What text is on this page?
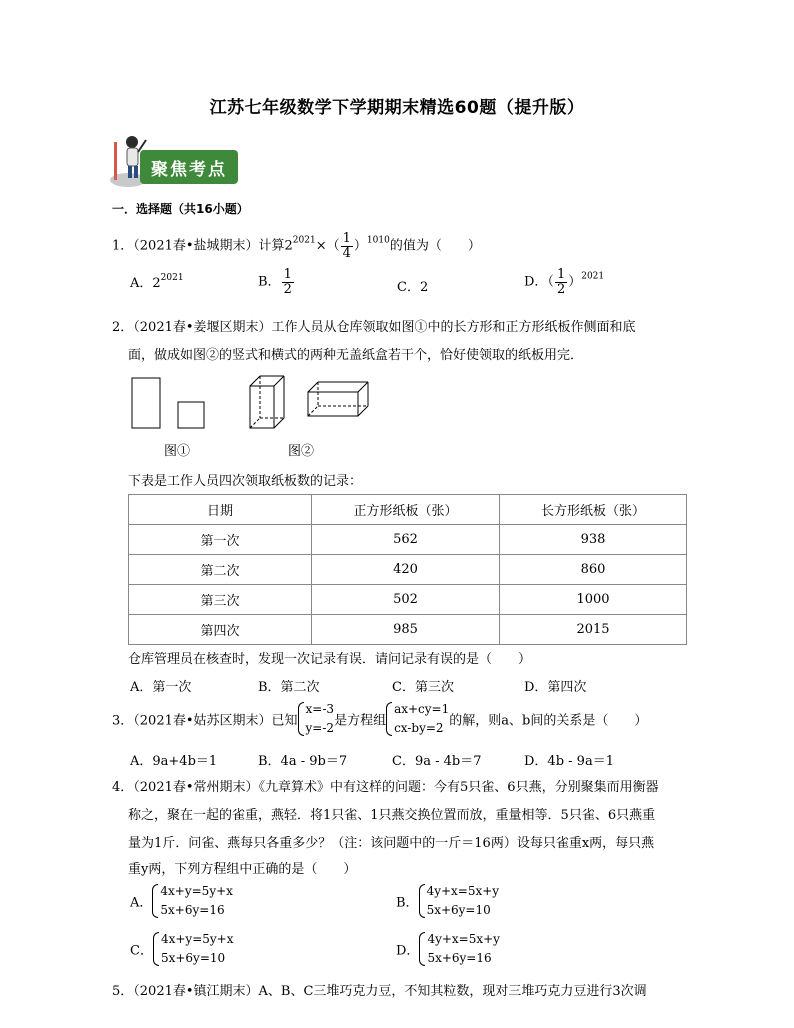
江苏七年级数学下学期期末精选60题（提升版）
聚焦考点
一．选择题（共16小题）
1．（2021春•盐城期末）计算$2^{2021}\times( \frac{1}{4} )^{1010}$的值为（　　）
A．$2^{2021}$	B． $\frac{1}{2}$	C．2	D．（ $\frac{1}{2} )^{2021}$
2．（2021春•姜堰区期末）工作人员从仓库领取如图①中的长方形和正方形纸板作侧面和底
面，做成如图②的竖式和横式的两种无盖纸盒若干个，恰好使领取的纸板用完．
图①	图②
下表是工作人员四次领取纸板数的记录：
日期	正方形纸板（张）	长方形纸板（张）
第一次	562	938
第二次	420	860
第三次	502	1000
第四次	985	2015
仓库管理员在核查时，发现一次记录有误．请问记录有误的是（　　）
A．第一次	B．第二次	C．第三次	D．第四次
3．（2021春•姑苏区期末）已知
x=-3
y=-2 是方程组
ax+cy=1
cx-by=2 的解，则a、b间的关系是（　　）
A．9a+4b＝1	B．4a - 9b＝7	C．9a - 4b＝7	D．4b - 9a＝1
4．（2021春•常州期末）《九章算术》中有这样的问题：今有5只雀、6只燕，分别聚集而用衡器
称之，聚在一起的雀重，燕轻．将1只雀、1只燕交换位置而放，重量相等．5只雀、6只燕重
量为1斤．问雀、燕每只各重多少？（注：该问题中的一斤＝16两）设每只雀重x两，每只燕
重y两，下列方程组中正确的是（　　）
A．
4x+y=5y+x
5x+6y=16	B．
4y+x=5x+y
5x+6y=10
C．
4x+y=5y+x
5x+6y=10	D．
4y+x=5x+y
5x+6y=16
5．（2021春•镇江期末）A、B、C三堆巧克力豆，不知其粒数，现对三堆巧克力豆进行3次调
